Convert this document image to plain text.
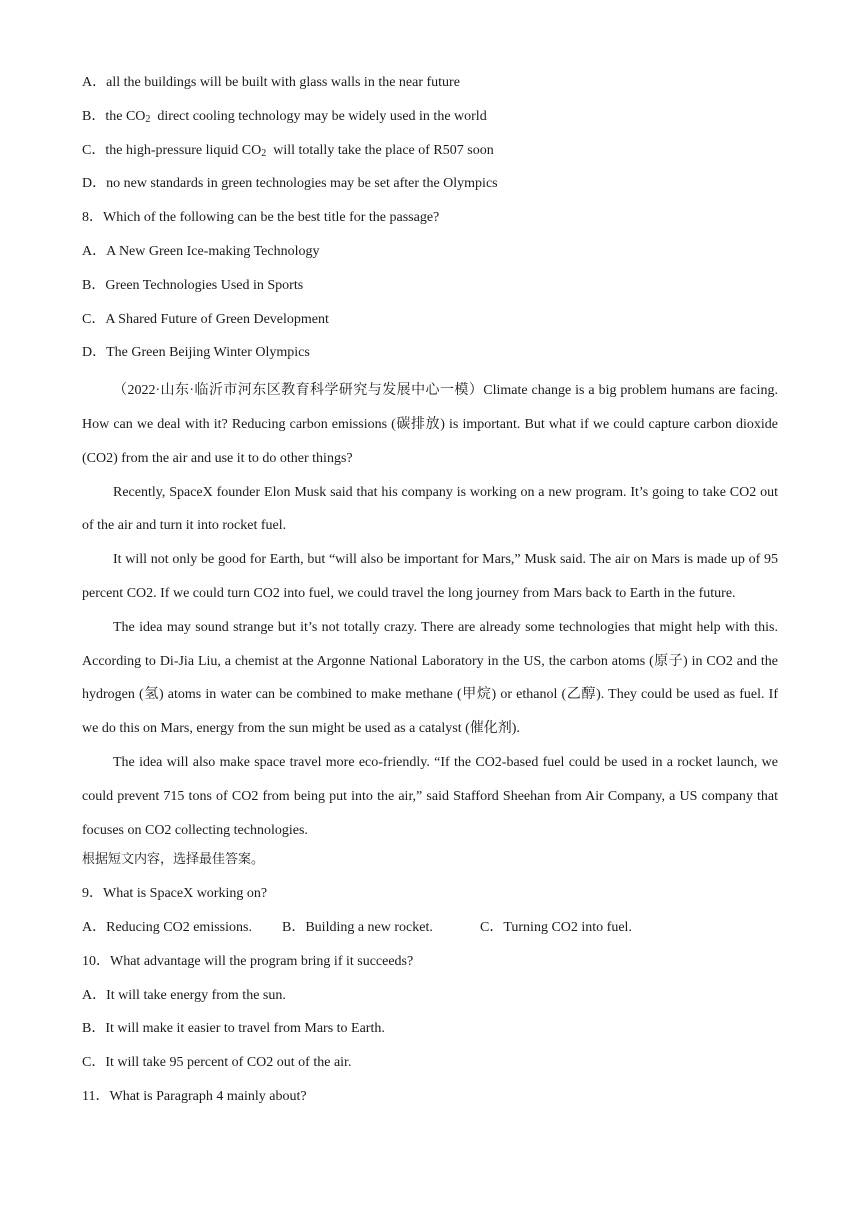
A．all the buildings will be built with glass walls in the near future
B．the $CO_2$  direct cooling technology may be widely used in the world
C．the high-pressure liquid $CO_2$  will totally take the place of R507 soon
D．no new standards in green technologies may be set after the Olympics
8．Which of the following can be the best title for the passage?
A．A New Green Ice-making Technology
B．Green Technologies Used in Sports
C．A Shared Future of Green Development
D．The Green Beijing Winter Olympics

（2022·山东·临沂市河东区教育科学研究与发展中心一模）Climate change is a big problem humans are facing. How can we deal with it? Reducing carbon emissions (碳排放) is important. But what if we could capture carbon dioxide (CO2) from the air and use it to do other things?

Recently, SpaceX founder Elon Musk said that his company is working on a new program. It’s going to take CO2 out of the air and turn it into rocket fuel.

It will not only be good for Earth, but “will also be important for Mars,” Musk said. The air on Mars is made up of 95 percent CO2. If we could turn CO2 into fuel, we could travel the long journey from Mars back to Earth in the future.

The idea may sound strange but it’s not totally crazy. There are already some technologies that might help with this. According to Di-Jia Liu, a chemist at the Argonne National Laboratory in the US, the carbon atoms (原子) in CO2 and the hydrogen (氢) atoms in water can be combined to make methane (甲烷) or ethanol (乙醇). They could be used as fuel. If we do this on Mars, energy from the sun might be used as a catalyst (催化剂).

The idea will also make space travel more eco-friendly. “If the CO2-based fuel could be used in a rocket launch, we could prevent 715 tons of CO2 from being put into the air,” said Stafford Sheehan from Air Company, a US company that focuses on CO2 collecting technologies.

根据短文内容，选择最佳答案。
9．What is SpaceX working on?
A．Reducing CO2 emissions.	B．Building a new rocket.	C．Turning CO2 into fuel.
10．What advantage will the program bring if it succeeds?
A．It will take energy from the sun.
B．It will make it easier to travel from Mars to Earth.
C．It will take 95 percent of CO2 out of the air.
11．What is Paragraph 4 mainly about?
